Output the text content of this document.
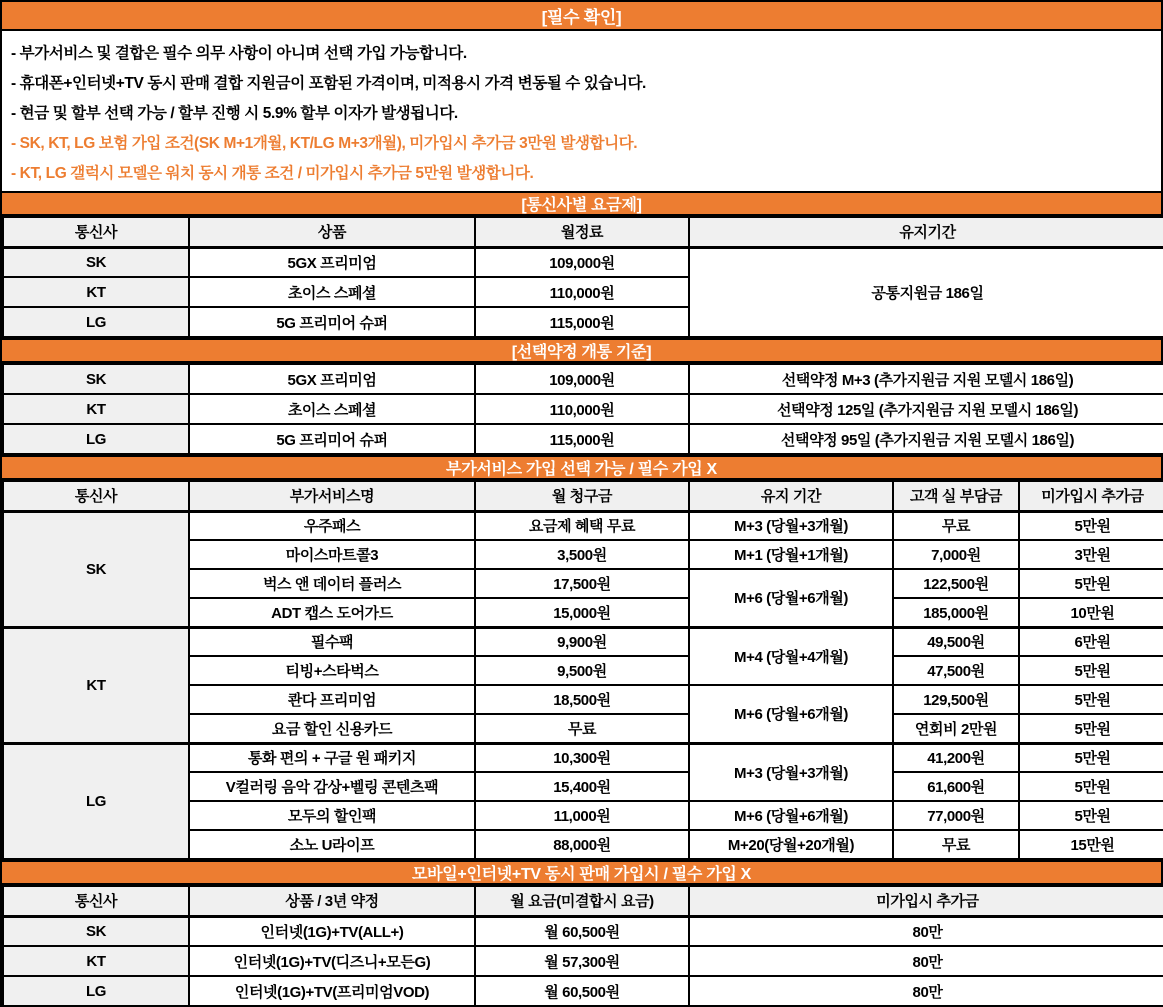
[필수 확인]
- 부가서비스 및 결합은 필수 의무 사항이 아니며 선택 가입 가능합니다.
- 휴대폰+인터넷+TV 동시 판매 결합 지원금이 포함된 가격이며, 미적용시 가격 변동될 수 있습니다.
- 현금 및 할부 선택 가능 / 할부 진행 시 5.9% 할부 이자가 발생됩니다.
- SK, KT, LG 보험 가입 조건(SK M+1개월, KT/LG M+3개월), 미가입시 추가금 3만원 발생합니다.
- KT, LG 갤럭시 모델은 워치 동시 개통 조건 / 미가입시 추가금 5만원 발생합니다.
[통신사별 요금제]
통신사	상품	월정료	유지기간
SK	5GX 프리미엄	109,000원	공통지원금 186일
KT	초이스 스페셜	110,000원	
LG	5G 프리미어 슈퍼	115,000원	
[선택약정 개통 기준]
SK	5GX 프리미엄	109,000원	선택약정 M+3 (추가지원금 지원 모델시 186일)
KT	초이스 스페셜	110,000원	선택약정 125일 (추가지원금 지원 모델시 186일)
LG	5G 프리미어 슈퍼	115,000원	선택약정 95일 (추가지원금 지원 모델시 186일)
부가서비스 가입 선택 가능 / 필수 가입 X
통신사	부가서비스명	월 청구금	유지 기간	고객 실 부담금	미가입시 추가금
SK	우주패스	요금제 혜택 무료	M+3 (당월+3개월)	무료	5만원
	마이스마트콜3	3,500원	M+1 (당월+1개월)	7,000원	3만원
	벅스 앤 데이터 플러스	17,500원	M+6 (당월+6개월)	122,500원	5만원
	ADT 캡스 도어가드	15,000원		185,000원	10만원
KT	필수팩	9,900원	M+4 (당월+4개월)	49,500원	6만원
	티빙+스타벅스	9,500원		47,500원	5만원
	콴다 프리미엄	18,500원	M+6 (당월+6개월)	129,500원	5만원
	요금 할인 신용카드	무료		연회비 2만원	5만원
LG	통화 편의 + 구글 원 패키지	10,300원	M+3 (당월+3개월)	41,200원	5만원
	V컬러링 음악 감상+벨링 콘텐츠팩	15,400원		61,600원	5만원
	모두의 할인팩	11,000원	M+6 (당월+6개월)	77,000원	5만원
	소노 U라이프	88,000원	M+20(당월+20개월)	무료	15만원
모바일+인터넷+TV 동시 판매 가입시 / 필수 가입 X
통신사	상품 / 3년 약정	월 요금(미결합시 요금)	미가입시 추가금
SK	인터넷(1G)+TV(ALL+)	월 60,500원	80만
KT	인터넷(1G)+TV(디즈니+모든G)	월 57,300원	80만
LG	인터넷(1G)+TV(프리미엄VOD)	월 60,500원	80만
